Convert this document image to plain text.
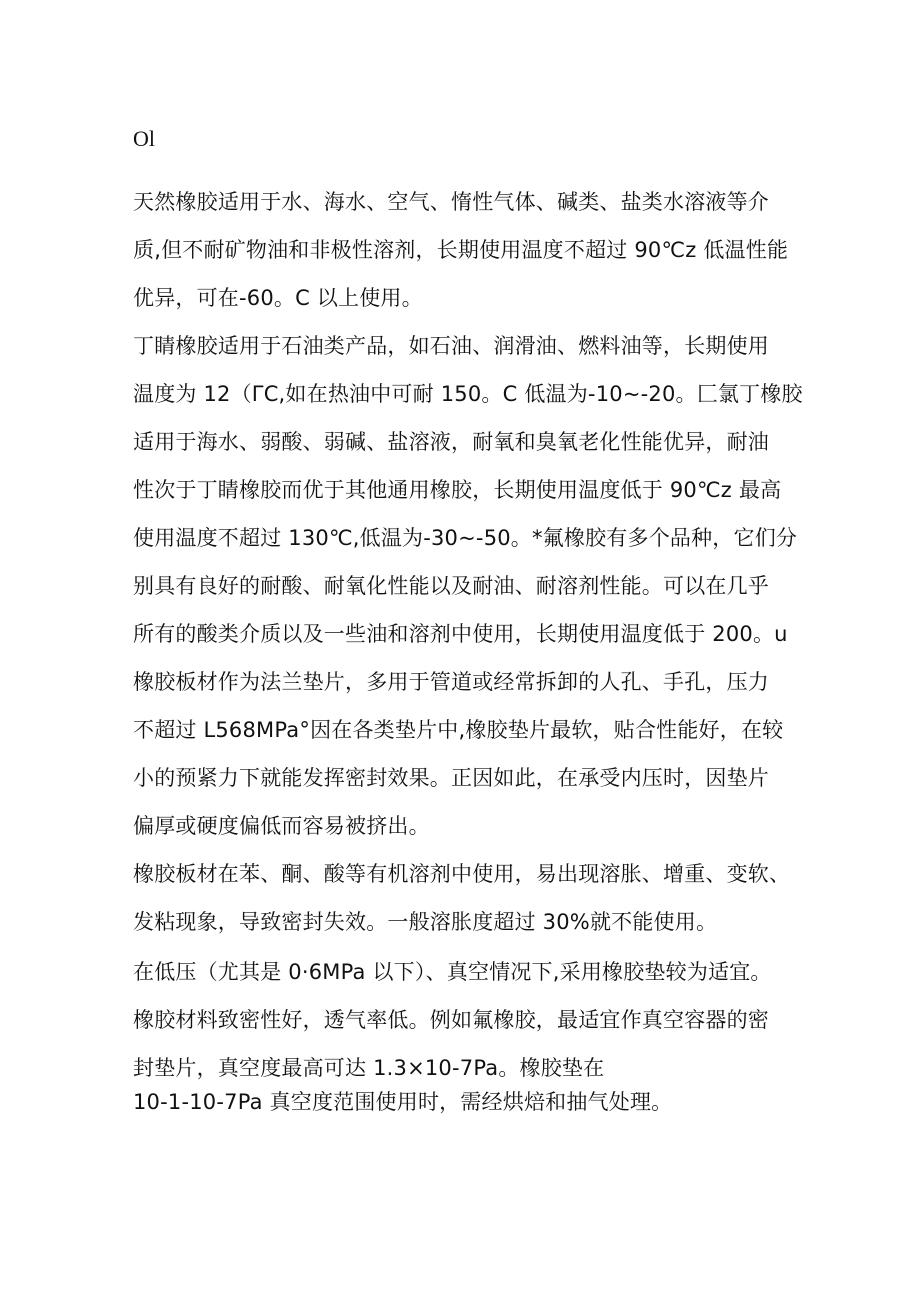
Ol

天然橡胶适用于水、海水、空气、惰性气体、碱类、盐类水溶液等介

质,但不耐矿物油和非极性溶剂，长期使用温度不超过 90℃z 低温性能

优异，可在-60。C 以上使用。

丁睛橡胶适用于石油类产品，如石油、润滑油、燃料油等，长期使用

温度为 12（ΓC,如在热油中可耐 150。C 低温为-10~-20。匚氯丁橡胶

适用于海水、弱酸、弱碱、盐溶液，耐氧和臭氧老化性能优异，耐油

性次于丁睛橡胶而优于其他通用橡胶，长期使用温度低于 90℃z 最高

使用温度不超过 130℃,低温为-30~-50。*氟橡胶有多个品种，它们分

别具有良好的耐酸、耐氧化性能以及耐油、耐溶剂性能。可以在几乎

所有的酸类介质以及一些油和溶剂中使用，长期使用温度低于 200。u

橡胶板材作为法兰垫片，多用于管道或经常拆卸的人孔、手孔，压力

不超过 L568MPa°因在各类垫片中,橡胶垫片最软，贴合性能好，在较

小的预紧力下就能发挥密封效果。正因如此，在承受内压时，因垫片

偏厚或硬度偏低而容易被挤出。

橡胶板材在苯、酮、酸等有机溶剂中使用，易出现溶胀、增重、变软、

发粘现象，导致密封失效。一般溶胀度超过 30%就不能使用。

在低压（尤其是 0·6MPa 以下）、真空情况下,采用橡胶垫较为适宜。

橡胶材料致密性好，透气率低。例如氟橡胶，最适宜作真空容器的密

封垫片，真空度最高可达 1.3×10-7Pa。橡胶垫在

10-1-10-7Pa 真空度范围使用时，需经烘焙和抽气处理。
